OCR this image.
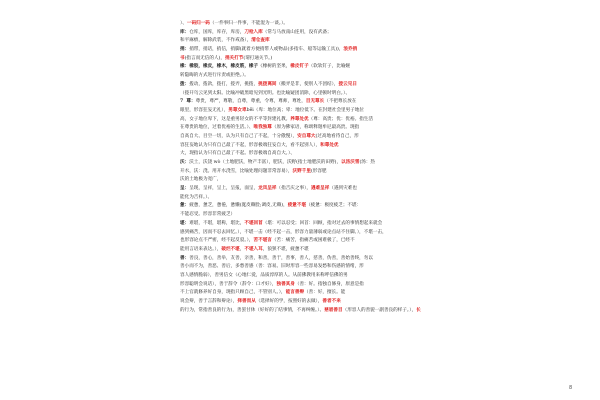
）、一码归一码（一件事归一件事，不能混为一谈。）。
库：仓库，国库，库存，库房，刀枪入库（常与马放南山连用，没有武备；
和平麻痹，解除武装，不作戒备），清仓查库
捎：捎带，捎话，捎信，捎脚(就着方便捎带人或物品(多指车、船等运输工具))，浪乔捎
书(指言而无信的人)，捎关打节(谓打通关节。)
橡：橡胶，橡皮，橡木，橡皮筋，橡子《橡树的坚果，橡皮钉子（软软钉子，比喻婉
转隐晦的方式进行斥责或拒绝。）。
拨：拨动，拨款，拨打，拨弄，挑拨，挑拨离间（搬弄是非，使别人不团结），拨云见日
（拨开乌云见到太阳。比喻冲破黑暗见到光明。也比喻疑团消除，心里顿时明白。）、
7  尊：尊贵，尊严，尊敬，自尊，尊重，令尊，尊师，尊姓，目无尊长（不把尊长放在
眼里，形容狂妄无礼），男尊女卑bēi（卑：地位高；卑：地位低下。在封建社会里男子地位
高，女子地位卑下，这是重男轻女的不平等封建礼教。养尊处优（尊：高贵；优：优裕。指生活
在尊贵的地位，过着优裕的生活。）、唯我独尊（原为佛家语，称颂释迦牟尼最高贵。现指
自高自大、目空一切，认为只有自己了不起，十分傲慢），安自尊大(过高地看待自己，形
容狂妄地认为只有自己最了不起，形容极端狂妄自大，看不起别人），和尊处优
大，现指认为只有自己最了不起。形容极端自高自大。）、
沃：沃土，沃饶 wò（土地肥沃，物产丰富），肥沃，沃野(指土地肥沃的田野)，以汤沃雪(汤：热
开水，沃：浇。用开水浇雪，比喻处理问题非常容易），沃野千里(形容肥
沃的土地极为宽广，
呈：呈现，呈祥，呈上，呈报，面呈，龙凤呈祥（指吉庆之事），遇难呈祥（遇到灾难也
能化为吉祥。）、
惫：疲惫，惫乏，惫倦，惫懒(涎皮赖脸;调皮,无赖)，疲惫不堪（疲惫：极度疲乏；不堪：
不能忍受。形容非常疲乏）
堪：难堪，不堪，堪称，堪比，不堪回首（堪：可以忍受；回首：回顾，指对过去的事情想起来就会
感到痛苦，因而不忍去回忆。），不堪一击（经不起一击，形容力量薄弱或论点站不住脚。），不堪一击，
也形容论点不严密，经不起反驳。），苦不堪言（苦：痛苦，指痛苦或困难极了，已经不
能用言语来表达。），破烂不堪，不堪入耳，狼狈不堪，疲惫不堪
善：善良，善心，善举，友善，亲善，和善，善于，善事，善人，慈善，伪善，善始善终，勿以
善小而不为，善恶、善后，多愁善感（善：容易。旧时形容一些容易发愁和伤感的情绪，形
容人感情脆弱），善男信女（心地仁爱，品质淳厚的人。从前佛教用来称呼信佛的男
形容聪明会说话），善于辞令（辞令：口才好），独善其身（善：好。指独自修身，原意是指
不上官就修养好自身，现指只顾自己，不管别人。），能言善辩（善：好，擅长。能
说会辩，善于言辞和辩论），择善而从（选择好的学，按照好的去做），善者不来
的行为，常指善良的行为)，善罢甘休（好好的了结事情，不再纠缠。）、慈眉善目（形容人的善貌一副善良的样子。），长
8
